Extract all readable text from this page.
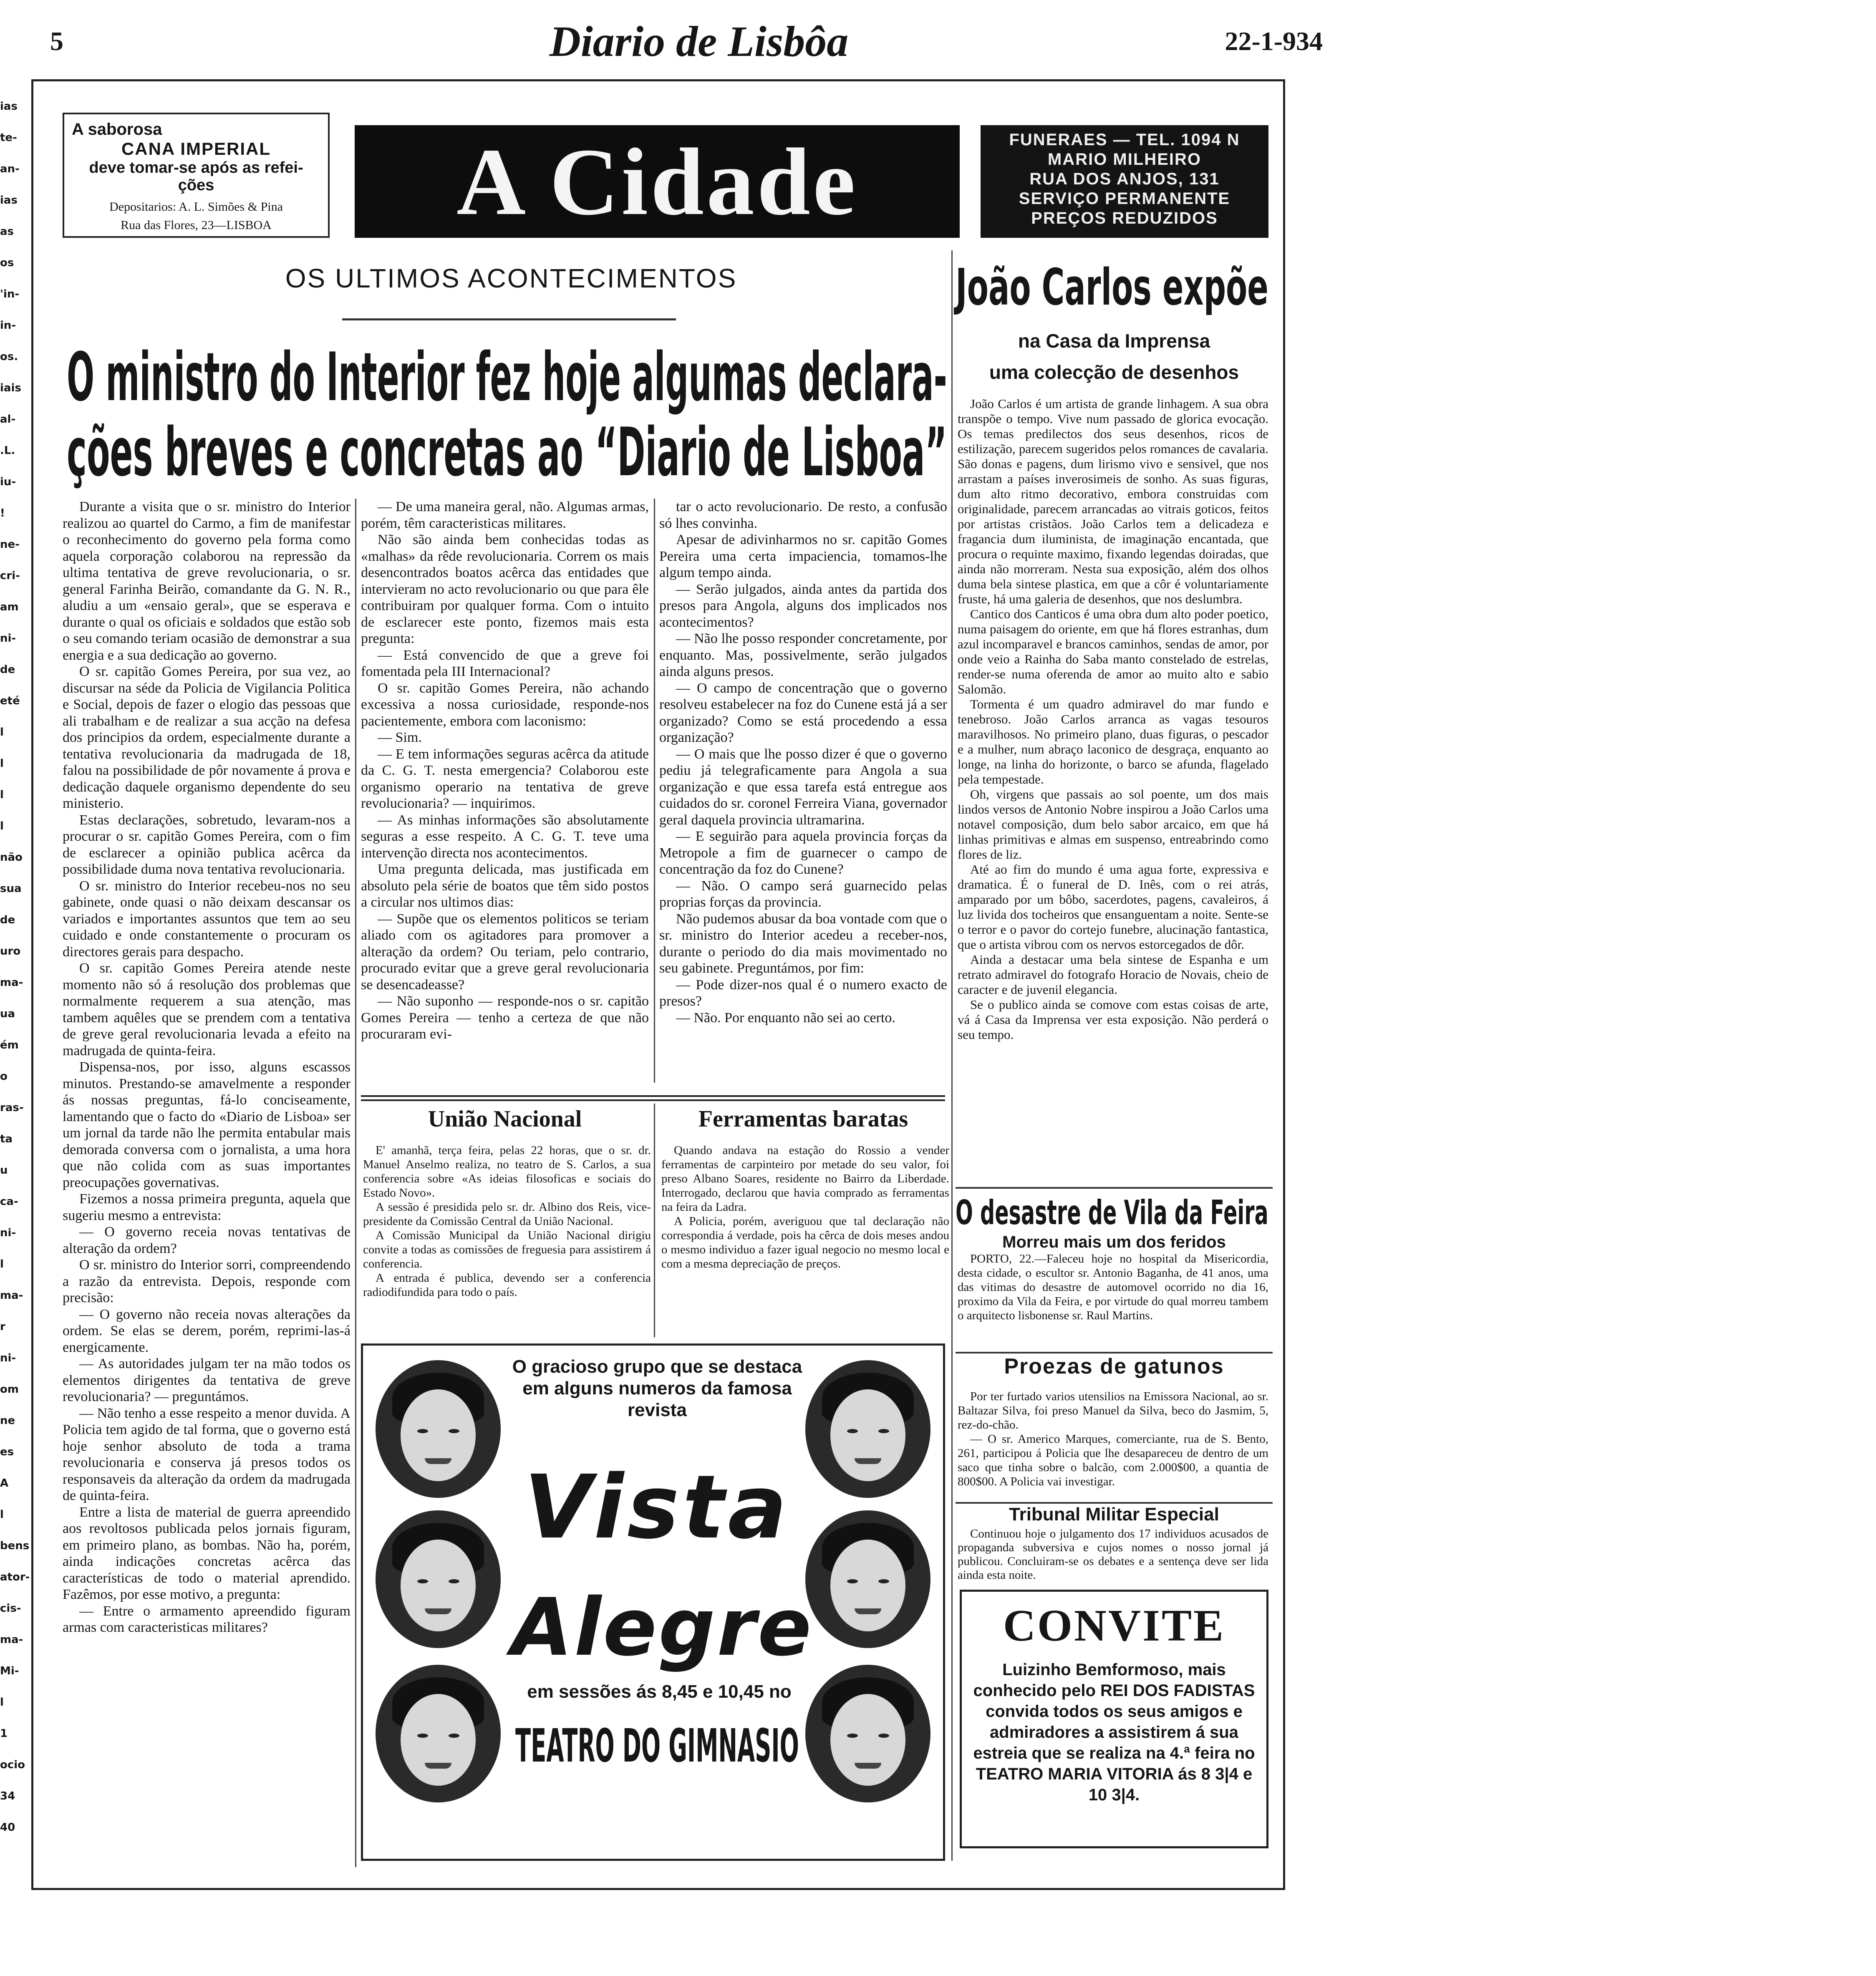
5	Diario de Lisbôa	22-1-934
ias
te-
an-
ias
as
os
'in-
in-
os.
iais
al-
.L.
iu-
!
ne-
cri-
am
ni-
de
eté
l
l
l
l
não
sua
de
uro
ma-
ua
ém
o
ras-
ta
u
ca-
ni-
l
ma-
r
ni-
om
ne
es
A
l
bens
ator-
cis-
ma-
Mi-
l
1
ocio
34
40
A saborosa
CANA IMPERIAL
deve tomar-se após as refei-ções
Depositarios: A. L. Simões & Pina
Rua das Flores, 23—LISBOA	A Cidade	FUNERAES — TEL. 1094 N
MARIO MILHEIRO
RUA DOS ANJOS, 131
SERVIÇO PERMANENTE
PREÇOS REDUZIDOS
OS ULTIMOS ACONTECIMENTOS
O ministro do Interior fez hoje algumas declara-
ções breves e concretas ao “Diario de Lisboa”

Durante a visita que o sr. ministro do Interior realizou ao quartel do Carmo, a fim de manifestar o reconhecimento do governo pela forma como aquela corporação colaborou na repressão da ultima tentativa de greve revolucionaria, o sr. general Farinha Beirão, comandante da G. N. R., aludiu a um «ensaio geral», que se esperava e durante o qual os oficiais e soldados que estão sob o seu comando teriam ocasião de demonstrar a sua energia e a sua dedicação ao governo.

O sr. capitão Gomes Pereira, por sua vez, ao discursar na séde da Policia de Vigilancia Politica e Social, depois de fazer o elogio das pessoas que ali trabalham e de realizar a sua acção na defesa dos principios da ordem, especialmente durante a tentativa revolucionaria da madrugada de 18, falou na possibilidade de pôr novamente á prova e dedicação daquele organismo dependente do seu ministerio.

Estas declarações, sobretudo, levaram-nos a procurar o sr. capitão Gomes Pereira, com o fim de esclarecer a opinião publica acêrca da possibilidade duma nova tentativa revolucionaria.

O sr. ministro do Interior recebeu-nos no seu gabinete, onde quasi o não deixam descansar os variados e importantes assuntos que tem ao seu cuidado e onde constantemente o procuram os directores gerais para despacho.

O sr. capitão Gomes Pereira atende neste momento não só á resolução dos problemas que normalmente requerem a sua atenção, mas tambem aquêles que se prendem com a tentativa de greve geral revolucionaria levada a efeito na madrugada de quinta-feira.

Dispensa-nos, por isso, alguns escassos minutos. Prestando-se amavelmente a responder ás nossas preguntas, fá-lo conciseamente, lamentando que o facto do «Diario de Lisboa» ser um jornal da tarde não lhe permita entabular mais demorada conversa com o jornalista, a uma hora que não colida com as suas importantes preocupações governativas.

Fizemos a nossa primeira preguntа, aquela que sugeriu mesmo a entrevista:

— O governo receia novas tentativas de alteração da ordem?

O sr. ministro do Interior sorri, compreendendo a razão da entrevista. Depois, responde com precisão:

— O governo não receia novas alterações da ordem. Se elas se derem, porém, reprimi-las-á energicamente.

— As autoridades julgam ter na mão todos os elementos dirigentes da tentativa de greve revolucionaria? — preguntámos.

— Não tenho a esse respeito a menor duvida. A Policia tem agido de tal forma, que o governo está hoje senhor absoluto de toda a trama revolucionaria e conserva já presos todos os responsaveis da alteração da ordem da madrugada de quinta-feira.

Entre a lista de material de guerra apreendido aos revoltosos publicada pelos jornais figuram, em primeiro plano, as bombas. Não ha, porém, ainda indicações concretas acêrca das características de todo o material aprendido. Fazêmos, por esse motivo, a pregunta:

— Entre o armamento apreendido figuram armas com caracteristicas militares?

— De uma maneira geral, não. Algumas armas, porém, têm caracteristicas militares.

Não são ainda bem conhecidas todas as «malhas» da rêde revolucionaria. Correm os mais desencontrados boatos acêrca das entidades que intervieram no acto revolucionario ou que para êle contribuiram por qualquer forma. Com o intuito de esclarecer este ponto, fizemos mais esta pregunta:

— Está convencido de que a greve foi fomentada pela III Internacional?

O sr. capitão Gomes Pereira, não achando excessiva a nossa curiosidade, responde-nos pacientemente, embora com laconismo:

— Sim.

— E tem informações seguras acêrca da atitude da C. G. T. nesta emergencia? Colaborou este organismo operario na tentativa de greve revolucionaria? — inquirimos.

— As minhas informações são absolutamente seguras a esse respeito. A C. G. T. teve uma intervenção directa nos acontecimentos.

Uma pregunta delicada, mas justificada em absoluto pela série de boatos que têm sido postos a circular nos ultimos dias:

— Supõe que os elementos politicos se teriam aliado com os agitadores para promover a alteração da ordem? Ou teriam, pelo contrario, procurado evitar que a greve geral revolucionaria se desencadeasse?

— Não suponho — responde-nos o sr. capitão Gomes Pereira — tenho a certeza de que não procuraram evi-

tar o acto revolucionario. De resto, a confusão só lhes convinha.

Apesar de adivinharmos no sr. capitão Gomes Pereira uma certa impaciencia, tomamos-lhe algum tempo ainda.

— Serão julgados, ainda antes da partida dos presos para Angola, alguns dos implicados nos acontecimentos?

— Não lhe posso responder concretamente, por enquanto. Mas, possivelmente, serão julgados ainda alguns presos.

— O campo de concentração que o governo resolveu estabelecer na foz do Cunene está já a ser organizado? Como se está procedendo a essa organização?

— O mais que lhe posso dizer é que o governo pediu já telegraficamente para Angola a sua organização e que essa tarefa está entregue aos cuidados do sr. coronel Ferreira Viana, governador geral daquela provincia ultramarina.

— E seguirão para aquela provincia forças da Metropole a fim de guarnecer o campo de concentração da foz do Cunene?

— Não. O campo será guarnecido pelas proprias forças da provincia.

Não pudemos abusar da boa vontade com que o sr. ministro do Interior acedeu a receber-nos, durante o periodo do dia mais movimentado no seu gabinete. Preguntámos, por fim:

— Pode dizer-nos qual é o numero exacto de presos?

— Não. Por enquanto não sei ao certo.

União Nacional

E' amanhã, terça feira, pelas 22 horas, que o sr. dr. Manuel Anselmo realiza, no teatro de S. Carlos, a sua conferencia sobre «As ideias filosoficas e sociais do Estado Novo».

A sessão é presidida pelo sr. dr. Albino dos Reis, vice-presidente da Comissão Central da União Nacional.

A Comissão Municipal da União Nacional dirigiu convite a todas as comissões de freguesia para assistirem á conferencia.

A entrada é publica, devendo ser a conferencia radiodifundida para todo o país.

Ferramentas baratas

Quando andava na estação do Rossio a vender ferramentas de carpinteiro por metade do seu valor, foi preso Albano Soares, residente no Bairro da Liberdade. Interrogado, declarou que havia comprado as ferramentas na feira da Ladra.

A Policia, porém, averiguou que tal declaração não correspondia á verdade, pois ha cêrca de dois meses andou o mesmo individuo a fazer igual negocio no mesmo local e com a mesma depreciação de preços.

O gracioso grupo que se destaca em alguns numeros da famosa revista
Vista
Alegre
em sessões ás 8,45 e 10,45 no
TEATRO DO GIMNASIO
João Carlos expõe
na Casa da Imprensa
uma colecção de desenhos

João Carlos é um artista de grande linhagem. A sua obra transpõe o tempo. Vive num passado de glorica evocação. Os temas predilectos dos seus desenhos, ricos de estilização, parecem sugeridos pelos romances de cavalaria. São donas e pagens, dum lirismo vivo e sensivel, que nos arrastam a países inverosimeis de sonho. As suas figuras, dum alto ritmo decorativo, embora construidas com originalidade, parecem arrancadas ao vitrais goticos, feitos por artistas cristãos. João Carlos tem a delicadeza e fragancia dum iluminista, de imaginação encantada, que procura o requinte maximo, fixando legendas doiradas, que ainda não morreram. Nesta sua exposição, além dos olhos duma bela sintese plastica, em que a côr é voluntariamente fruste, há uma galeria de desenhos, que nos deslumbra.

Cantico dos Canticos é uma obra dum alto poder poetico, numa paisagem do oriente, em que há flores estranhas, dum azul incomparavel e brancos caminhos, sendas de amor, por onde veio a Rainha do Saba manto constelado de estrelas, render-se numa oferenda de amor ao muito alto e sabio Salomão.

Tormenta é um quadro admiravel do mar fundo e tenebroso. João Carlos arranca as vagas tesouros maravilhosos. No primeiro plano, duas figuras, o pescador e a mulher, num abraço laconico de desgraça, enquanto ao longe, na linha do horizonte, o barco se afunda, flagelado pela tempestade.

Oh, virgens que passais ao sol poente, um dos mais lindos versos de Antonio Nobre inspirou a João Carlos uma notavel composição, dum belo sabor arcaico, em que há linhas primitivas e almas em suspenso, entreabrindo como flores de liz.

Até ao fim do mundo é uma agua forte, expressiva e dramatica. É o funeral de D. Inês, com o rei atrás, amparado por um bôbo, sacerdotes, pagens, cavaleiros, á luz livida dos tocheiros que ensanguentam a noite. Sente-se o terror e o pavor do cortejo funebre, alucinação fantastica, que o artista vibrou com os nervos estorcegados de dôr.

Ainda a destacar uma bela sintese de Espanha e um retrato admiravel do fotografo Horacio de Novais, cheio de caracter e de juvenil elegancia.

Se o publico ainda se comove com estas coisas de arte, vá á Casa da Imprensa ver esta exposição. Não perderá o seu tempo.

O desastre de Vila da Feira
Morreu mais um dos feridos

PORTO, 22.—Faleceu hoje no hospital da Misericordia, desta cidade, o escultor sr. Antonio Baganha, de 41 anos, uma das vitimas do desastre de automovel ocorrido no dia 16, proximo da Vila da Feira, e por virtude do qual morreu tambem o arquitecto lisbonense sr. Raul Martins.

Proezas de gatunos

Por ter furtado varios utensilios na Emissora Nacional, ao sr. Baltazar Silva, foi preso Manuel da Silva, beco do Jasmim, 5, rez-do-chão.

— O sr. Americo Marques, comerciante, rua de S. Bento, 261, participou á Policia que lhe desapareceu de dentro de um saco que tinha sobre o balcão, com 2.000$00, a quantia de 800$00. A Policia vai investigar.

Tribunal Militar Especial

Continuou hoje o julgamento dos 17 individuos acusados de propaganda subversiva e cujos nomes o nosso jornal já publicou. Concluiram-se os debates e a sentença deve ser lida ainda esta noite.

CONVITE
Luizinho Bemformoso, mais conhecido pelo REI DOS FADISTAS convida todos os seus amigos e admiradores a assistirem á sua estreia que se realiza na 4.ª feira no TEATRO MARIA VITORIA ás 8 3|4 e 10 3|4.
